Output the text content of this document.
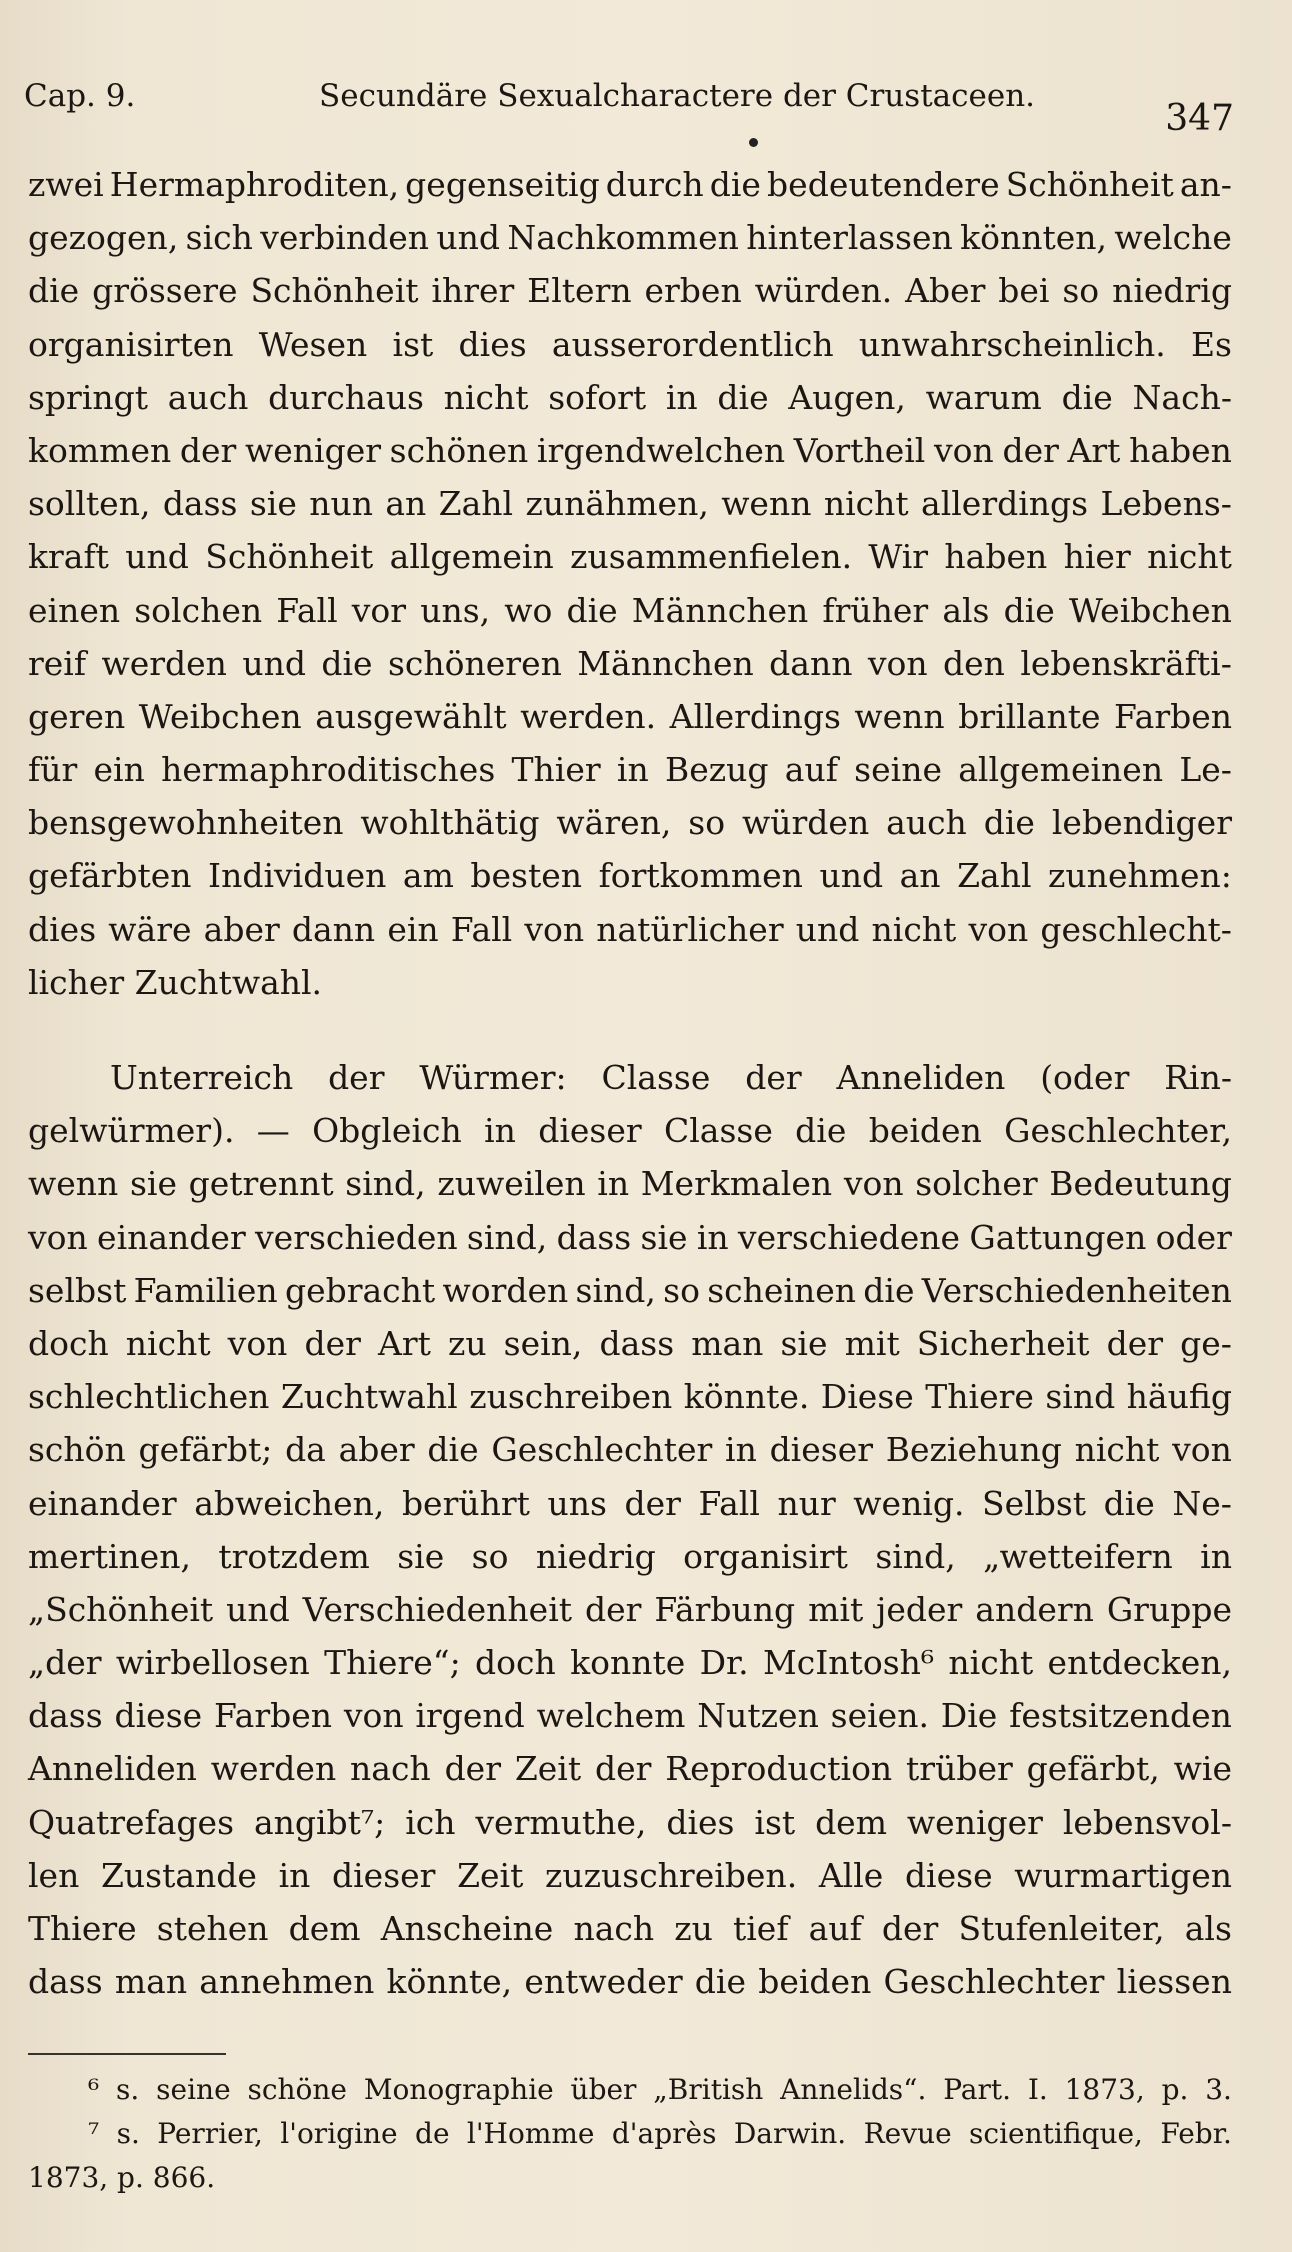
Cap. 9.	Secundäre Sexualcharactere der Crustaceen.
347
zwei Hermaphroditen, gegenseitig durch die bedeutendere Schönheit an-
gezogen, sich verbinden und Nachkommen hinterlassen könnten, welche
die grössere Schönheit ihrer Eltern erben würden. Aber bei so niedrig
organisirten Wesen ist dies ausserordentlich unwahrscheinlich. Es
springt auch durchaus nicht sofort in die Augen, warum die Nach-
kommen der weniger schönen irgendwelchen Vortheil von der Art haben
sollten, dass sie nun an Zahl zunähmen, wenn nicht allerdings Lebens-
kraft und Schönheit allgemein zusammenfielen. Wir haben hier nicht
einen solchen Fall vor uns, wo die Männchen früher als die Weibchen
reif werden und die schöneren Männchen dann von den lebenskräfti-
geren Weibchen ausgewählt werden. Allerdings wenn brillante Farben
für ein hermaphroditisches Thier in Bezug auf seine allgemeinen Le-
bensgewohnheiten wohlthätig wären, so würden auch die lebendiger
gefärbten Individuen am besten fortkommen und an Zahl zunehmen:
dies wäre aber dann ein Fall von natürlicher und nicht von geschlecht-
licher Zuchtwahl.
Unterreich der Würmer: Classe der Anneliden (oder Rin-
gelwürmer). — Obgleich in dieser Classe die beiden Geschlechter,
wenn sie getrennt sind, zuweilen in Merkmalen von solcher Bedeutung
von einander verschieden sind, dass sie in verschiedene Gattungen oder
selbst Familien gebracht worden sind, so scheinen die Verschiedenheiten
doch nicht von der Art zu sein, dass man sie mit Sicherheit der ge-
schlechtlichen Zuchtwahl zuschreiben könnte. Diese Thiere sind häufig
schön gefärbt; da aber die Geschlechter in dieser Beziehung nicht von
einander abweichen, berührt uns der Fall nur wenig. Selbst die Ne-
mertinen, trotzdem sie so niedrig organisirt sind, „wetteifern in
„Schönheit und Verschiedenheit der Färbung mit jeder andern Gruppe
„der wirbellosen Thiere“; doch konnte Dr. McIntosh⁶ nicht entdecken,
dass diese Farben von irgend welchem Nutzen seien. Die festsitzenden
Anneliden werden nach der Zeit der Reproduction trüber gefärbt, wie
Quatrefages angibt⁷; ich vermuthe, dies ist dem weniger lebensvol-
len Zustande in dieser Zeit zuzuschreiben. Alle diese wurmartigen
Thiere stehen dem Anscheine nach zu tief auf der Stufenleiter, als
dass man annehmen könnte, entweder die beiden Geschlechter liessen
⁶ s. seine schöne Monographie über „British Annelids“. Part. I. 1873, p. 3.
⁷ s. Perrier, l'origine de l'Homme d'après Darwin. Revue scientifique, Febr.
1873, p. 866.
